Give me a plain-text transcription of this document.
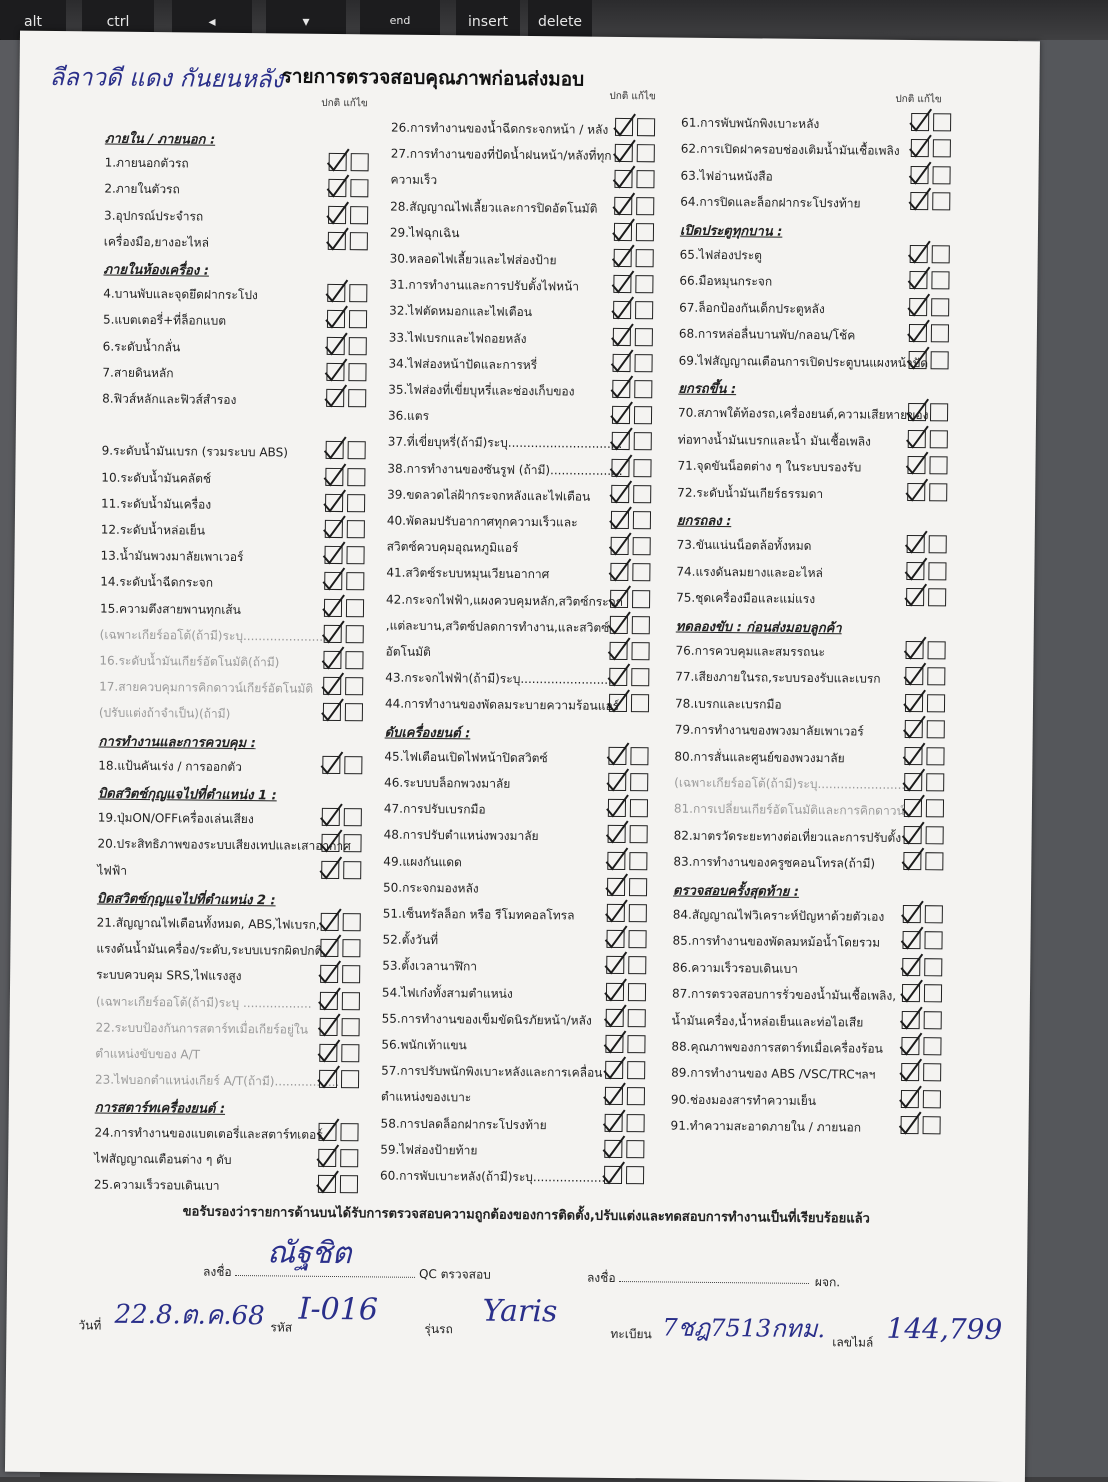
alt	ctrl	◂	▾	end	insert	delete
ลีลาวดี แดง กันยนหลัง
รายการตรวจสอบคุณภาพก่อนส่งมอบ
ปกติ แก้ไข
ปกติ แก้ไข	ปกติ แก้ไข
ภายใน / ภายนอก :
1.ภายนอกตัวรถ
2.ภายในตัวรถ
3.อุปกรณ์ประจำรถ
เครื่องมือ,ยางอะไหล่
ภายในห้องเครื่อง :
4.บานพับและจุดยึดฝากระโปง
5.แบตเตอรี่+ที่ล็อกแบต
6.ระดับน้ำกลั่น
7.สายดินหลัก
8.ฟิวส์หลักและฟิวส์สำรอง
9.ระดับน้ำมันเบรก (รวมระบบ ABS)
10.ระดับน้ำมันคลัตช์
11.ระดับน้ำมันเครื่อง
12.ระดับน้ำหล่อเย็น
13.น้ำมันพวงมาลัยเพาเวอร์
14.ระดับน้ำฉีดกระจก
15.ความตึงสายพานทุกเส้น
(เฉพาะเกียร์ออโต้(ถ้ามี)ระบุ......................
16.ระดับน้ำมันเกียร์อัตโนมัติ(ถ้ามี)
17.สายควบคุมการคิกดาวน์เกียร์อัตโนมัติ
(ปรับแต่งถ้าจำเป็น)(ถ้ามี)
การทำงานและการควบคุม :
18.แป้นคันเร่ง / การออกตัว
บิดสวิตซ์กุญแจไปที่ตำแหน่ง 1 :
19.ปุ่มON/OFFเครื่องเล่นเสียง
20.ประสิทธิภาพของระบบเสียงเทปและเสาอากาศ
ไฟฟ้า
บิดสวิตซ์กุญแจไปที่ตำแหน่ง 2 :
21.สัญญาณไฟเตือนทั้งหมด, ABS,ไฟเบรก,
แรงดันน้ำมันเครื่อง/ระดับ,ระบบเบรกผิดปกติ,
ระบบควบคุม SRS,ไฟแรงสูง
(เฉพาะเกียร์ออโต้(ถ้ามี)ระบุ ..................
22.ระบบป้องกันการสตาร์ทเมื่อเกียร์อยู่ใน
ตำแหน่งขับของ A/T
23.ไฟบอกตำแหน่งเกียร์ A/T(ถ้ามี).................
การสตาร์ทเครื่องยนต์ :
24.การทำงานของแบตเตอรี่และสตาร์ทเตอร์,
ไฟสัญญาณเตือนต่าง ๆ ดับ
25.ความเร็วรอบเดินเบา
26.การทำงานของน้ำฉีดกระจกหน้า / หลัง
27.การทำงานของที่ปัดน้ำฝนหน้า/หลังที่ทุก
ความเร็ว
28.สัญญาณไฟเลี้ยวและการปิดอัตโนมัติ
29.ไฟฉุกเฉิน
30.หลอดไฟเลี้ยวและไฟส่องป้าย
31.การทำงานและการปรับตั้งไฟหน้า
32.ไฟตัดหมอกและไฟเตือน
33.ไฟเบรกและไฟถอยหลัง
34.ไฟส่องหน้าปัดและการหรี่
35.ไฟส่องที่เขี่ยบุหรี่และช่องเก็บของ
36.แตร
37.ที่เขี่ยบุหรี่(ถ้ามี)ระบุ..............................
38.การทำงานของซันรูฟ (ถ้ามี)...................
39.ขดลวดไล่ฝ้ากระจกหลังและไฟเตือน
40.พัดลมปรับอากาศทุกความเร็วและ
สวิตซ์ควบคุมอุณหภูมิแอร์
41.สวิตซ์ระบบหมุนเวียนอากาศ
42.กระจกไฟฟ้า,แผงควบคุมหลัก,สวิตซ์กระจก
,แต่ละบาน,สวิตซ์ปลดการทำงาน,และสวิตซ์
อัตโนมัติ
43.กระจกไฟฟ้า(ถ้ามี)ระบุ.........................
44.การทำงานของพัดลมระบายความร้อนแอร์
ดับเครื่องยนต์ :
45.ไฟเตือนเปิดไฟหน้าปิดสวิตซ์
46.ระบบบล็อกพวงมาลัย
47.การปรับเบรกมือ
48.การปรับตำแหน่งพวงมาลัย
49.แผงกันแดด
50.กระจกมองหลัง
51.เซ็นทรัลล็อก หรือ รีโมทคอลโทรล
52.ตั้งวันที่
53.ตั้งเวลานาฬิกา
54.ไฟเก๋งทั้งสามตำแหน่ง
55.การทำงานของเข็มขัดนิรภัยหน้า/หลัง
56.พนักเท้าแขน
57.การปรับพนักพิงเบาะหลังและการเคลื่อน
ตำแหน่งของเบาะ
58.การปลดล็อกฝากระโปรงท้าย
59.ไฟส่องป้ายท้าย
60.การพับเบาะหลัง(ถ้ามี)ระบุ.....................
61.การพับพนักพิงเบาะหลัง
62.การเปิดฝาครอบช่องเติมน้ำมันเชื้อเพลิง
63.ไฟอ่านหนังสือ
64.การปิดและล็อกฝากระโปรงท้าย
เปิดประตูทุกบาน :
65.ไฟส่องประตู
66.มือหมุนกระจก
67.ล็อกป้องกันเด็กประตูหลัง
68.การหล่อลื่นบานพับ/กลอน/โช้ค
69.ไฟสัญญาณเตือนการเปิดประตูบนแผงหน้าปัด
ยกรถขึ้น :
70.สภาพใต้ท้องรถ,เครื่องยนต์,ความเสียหายของ
ท่อทางน้ำมันเบรกและน้ำ มันเชื้อเพลิง
71.จุดขันน็อตต่าง ๆ ในระบบรองรับ
72.ระดับน้ำมันเกียร์ธรรมดา
ยกรถลง :
73.ขันแน่นน็อตล้อทั้งหมด
74.แรงดันลมยางและอะไหล่
75.ชุดเครื่องมือและแม่แรง
ทดลองขับ : ก่อนส่งมอบลูกค้า
76.การควบคุมและสมรรถนะ
77.เสียงภายในรถ,ระบบรองรับและเบรก
78.เบรกและเบรกมือ
79.การทำงานของพวงมาลัยเพาเวอร์
80.การสั่นและศูนย์ของพวงมาลัย
(เฉพาะเกียร์ออโต้(ถ้ามี)ระบุ.......................
81.การเปลี่ยนเกียร์อัตโนมัติและการคิกดาวน์
82.มาตรวัดระยะทางต่อเที่ยวและการปรับตั้ง
83.การทำงานของครูซคอนโทรล(ถ้ามี)
ตรวจสอบครั้งสุดท้าย :
84.สัญญาณไฟวิเคราะห์ปัญหาด้วยตัวเอง
85.การทำงานของพัดลมหม้อน้ำโดยรวม
86.ความเร็วรอบเดินเบา
87.การตรวจสอบการรั่วของน้ำมันเชื้อเพลิง,
น้ำมันเครื่อง,น้ำหล่อเย็นและท่อไอเสีย
88.คุณภาพของการสตาร์ทเมื่อเครื่องร้อน
89.การทำงานของ ABS /VSC/TRCฯลฯ
90.ช่องมองสารทำความเย็น
91.ทำความสะอาดภายใน / ภายนอก
ขอรับรองว่ารายการด้านบนได้รับการตรวจสอบความถูกต้องของการติดตั้ง,ปรับแต่งและทดสอบการทำงานเป็นที่เรียบร้อยแล้ว
ลงชื่อ
ณัฐชิต
QC ตรวจสอบ	ลงชื่อ	ผจก.
วันที่ 22.8.ต.ค.68 รหัส I-016
รุ่นรถ Yaris
ทะเบียน 7ชฎ7513กทม. เลขไมล์ 144,799
